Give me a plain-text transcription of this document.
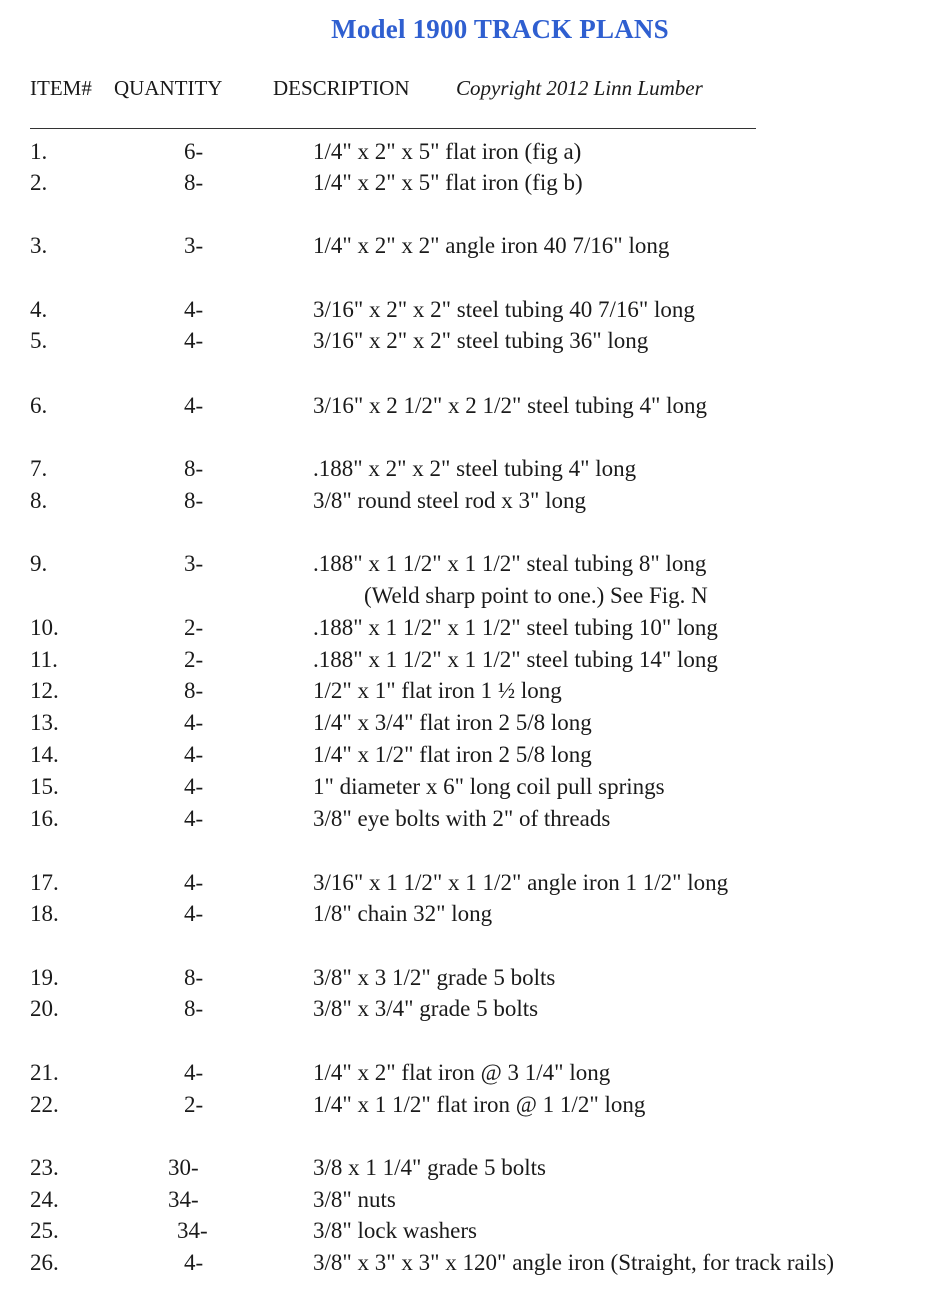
Model 1900 TRACK PLANS
ITEM# QUANTITY DESCRIPTION Copyright 2012 Linn Lumber
1.	6-	1/4" x 2" x 5" flat iron (fig a)
2.	8-	1/4" x 2" x 5" flat iron (fig b)
3.	3-	1/4" x 2" x 2" angle iron 40 7/16" long
4.	4-	3/16" x 2" x 2" steel tubing 40 7/16" long
5.	4-	3/16" x 2" x 2" steel tubing 36" long
6.	4-	3/16" x 2 1/2" x 2 1/2" steel tubing 4" long
7.	8-	.188" x 2" x 2" steel tubing 4" long
8.	8-	3/8" round steel rod x 3" long
9.	3-	.188" x 1 1/2" x 1 1/2" steal tubing 8" long
(Weld sharp point to one.) See Fig. N
10.	2-	.188" x 1 1/2" x 1 1/2" steel tubing 10" long
11.	2-	.188" x 1 1/2" x 1 1/2" steel tubing 14" long
12.	8-	1/2" x 1" flat iron 1 ½ long
13.	4-	1/4" x 3/4" flat iron 2 5/8 long
14.	4-	1/4" x 1/2" flat iron 2 5/8 long
15.	4-	1" diameter x 6" long coil pull springs
16.	4-	3/8" eye bolts with 2" of threads
17.	4-	3/16" x 1 1/2" x 1 1/2" angle iron 1 1/2" long
18.	4-	1/8" chain 32" long
19.	8-	3/8" x 3 1/2" grade 5 bolts
20.	8-	3/8" x 3/4" grade 5 bolts
21.	4-	1/4" x 2" flat iron @ 3 1/4" long
22.	2-	1/4" x 1 1/2" flat iron @ 1 1/2" long
23.	30-	3/8 x 1 1/4" grade 5 bolts
24.	34-	3/8" nuts
25.	34-	3/8" lock washers
26.	4-	3/8" x 3" x 3" x 120" angle iron (Straight, for track rails)
